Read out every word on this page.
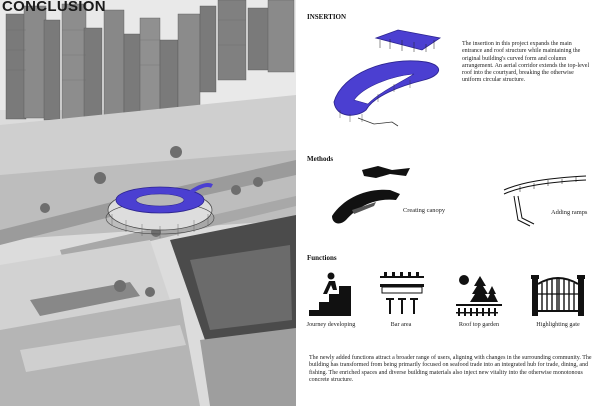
CONCLUSION
INSERTION
The insertion in this project expands the main entrance and roof structure while maintaining the original building's curved form and column arrangement. An aerial corridor extends the top-level roof into the courtyard, breaking the otherwise uniform circular structure.
Methods
Creating canopy	Adding ramps
Functions
Journey developing	Bar area	Roof top garden	Highlighting gate
The newly added functions attract a broader range of users, aligning with changes in the surrounding community. The building has transformed from being primarily focused on seafood trade into an integrated hub for trade, dining, and fishing. The enriched spaces and diverse building materials also inject new vitality into the otherwise monotonous concrete structure.
